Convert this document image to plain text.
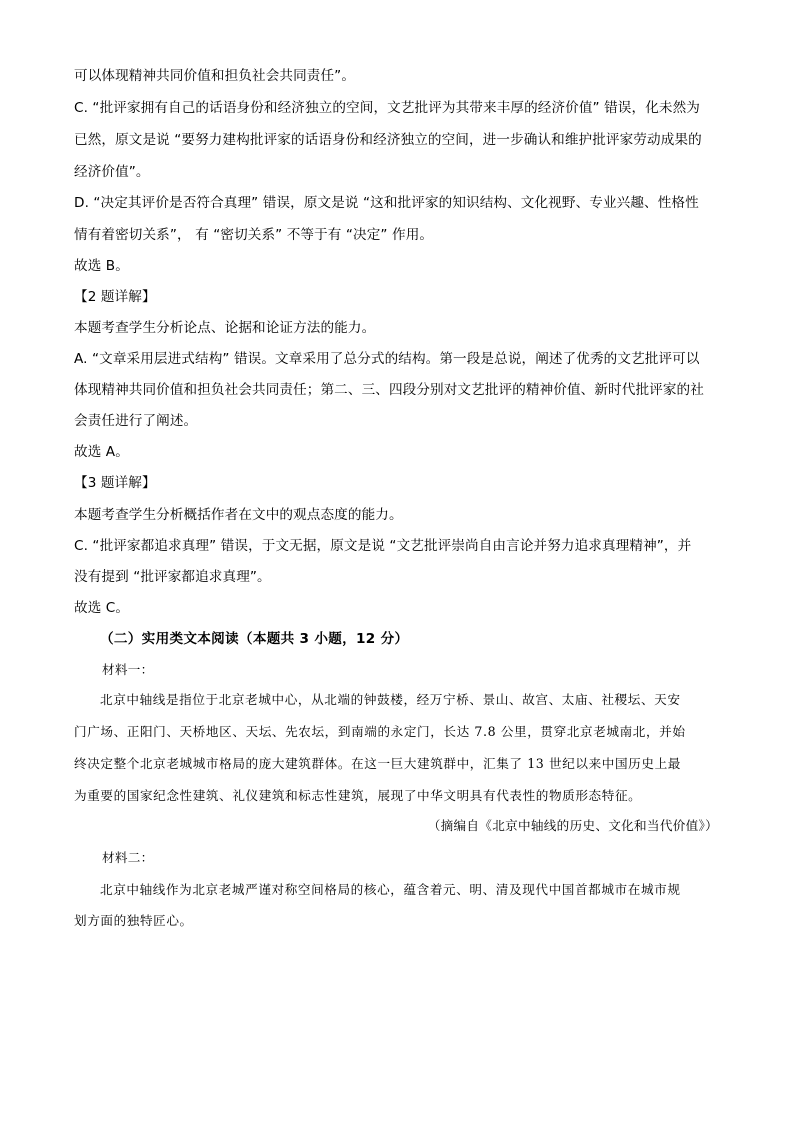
可以体现精神共同价值和担负社会共同责任”。
C. “批评家拥有自己的话语身份和经济独立的空间，文艺批评为其带来丰厚的经济价值” 错误，化未然为
已然，原文是说 “要努力建构批评家的话语身份和经济独立的空间，进一步确认和维护批评家劳动成果的
经济价值”。
D. “决定其评价是否符合真理” 错误，原文是说 “这和批评家的知识结构、文化视野、专业兴趣、性格性
情有着密切关系”， 有 “密切关系” 不等于有 “决定” 作用。
故选 B。
【2 题详解】
本题考查学生分析论点、论据和论证方法的能力。
A. “文章采用层进式结构” 错误。文章采用了总分式的结构。第一段是总说，阐述了优秀的文艺批评可以
体现精神共同价值和担负社会共同责任；第二、三、四段分别对文艺批评的精神价值、新时代批评家的社
会责任进行了阐述。
故选 A。
【3 题详解】
本题考查学生分析概括作者在文中的观点态度的能力。
C. “批评家都追求真理” 错误，于文无据，原文是说 “文艺批评崇尚自由言论并努力追求真理精神”，并
没有提到 “批评家都追求真理”。
故选 C。
（二）实用类文本阅读（本题共 3 小题，12 分）
材料一：
北京中轴线是指位于北京老城中心，从北端的钟鼓楼，经万宁桥、景山、故宫、太庙、社稷坛、天安
门广场、正阳门、天桥地区、天坛、先农坛，到南端的永定门，长达 7.8 公里，贯穿北京老城南北，并始
终决定整个北京老城城市格局的庞大建筑群体。在这一巨大建筑群中，汇集了 13 世纪以来中国历史上最
为重要的国家纪念性建筑、礼仪建筑和标志性建筑，展现了中华文明具有代表性的物质形态特征。
（摘编自《北京中轴线的历史、文化和当代价值》）
材料二：
北京中轴线作为北京老城严谨对称空间格局的核心，蕴含着元、明、清及现代中国首都城市在城市规
划方面的独特匠心。
